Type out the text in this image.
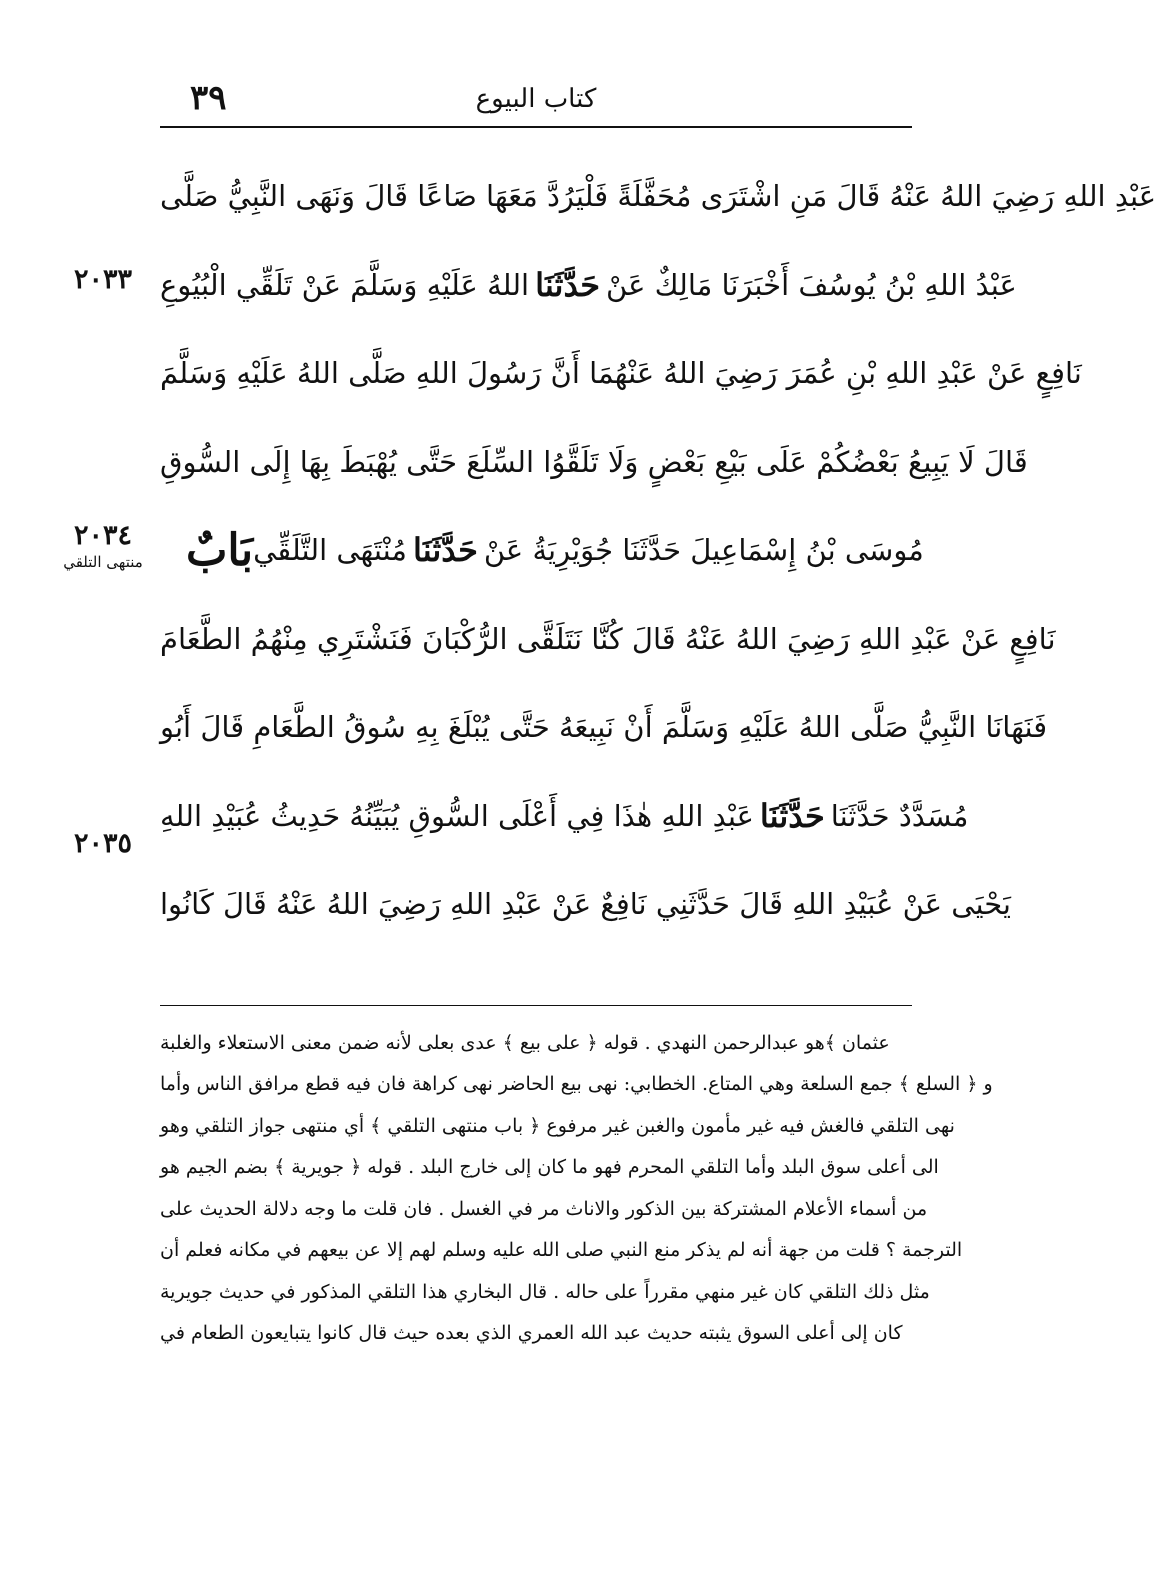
٣٩	كتاب البيوع
٢٠٣٣
٢٠٣٤
منتهى التلقي
٢٠٣٥
عَبْدِ اللهِ رَضِيَ اللهُ عَنْهُ قَالَ مَنِ اشْتَرَى مُحَفَّلَةً فَلْيَرُدَّ مَعَهَا صَاعًا قَالَ وَنَهَى النَّبِيُّ صَلَّى
عَبْدُ اللهِ بْنُ يُوسُفَ أَخْبَرَنَا مَالِكٌ عَنْ
حَدَّثَنَا
اللهُ عَلَيْهِ وَسَلَّمَ عَنْ تَلَقِّي الْبُيُوعِ
نَافِعٍ عَنْ عَبْدِ اللهِ بْنِ عُمَرَ رَضِيَ اللهُ عَنْهُمَا أَنَّ رَسُولَ اللهِ صَلَّى اللهُ عَلَيْهِ وَسَلَّمَ
قَالَ لَا يَبِيعُ بَعْضُكُمْ عَلَى بَيْعِ بَعْضٍ وَلَا تَلَقَّوُا السِّلَعَ حَتَّى يُهْبَطَ بِهَا إِلَى السُّوقِ
مُوسَى بْنُ إِسْمَاعِيلَ حَدَّثَنَا جُوَيْرِيَةُ عَنْ
حَدَّثَنَا
مُنْتَهَى التَّلَقِّي
بَابٌ
نَافِعٍ عَنْ عَبْدِ اللهِ رَضِيَ اللهُ عَنْهُ قَالَ كُنَّا نَتَلَقَّى الرُّكْبَانَ فَنَشْتَرِي مِنْهُمُ الطَّعَامَ
فَنَهَانَا النَّبِيُّ صَلَّى اللهُ عَلَيْهِ وَسَلَّمَ أَنْ نَبِيعَهُ حَتَّى يُبْلَغَ بِهِ سُوقُ الطَّعَامِ قَالَ أَبُو
مُسَدَّدٌ حَدَّثَنَا
حَدَّثَنَا
عَبْدِ اللهِ هٰذَا فِي أَعْلَى السُّوقِ يُبَيِّنُهُ حَدِيثُ عُبَيْدِ اللهِ
يَحْيَى عَنْ عُبَيْدِ اللهِ قَالَ حَدَّثَنِي نَافِعٌ عَنْ عَبْدِ اللهِ رَضِيَ اللهُ عَنْهُ قَالَ كَانُوا
عثمان ﴾هو عبدالرحمن النهدي . قوله ﴿ على بيع ﴾ عدى بعلى لأنه ضمن معنى الاستعلاء والغلبة
و ﴿ السلع ﴾ جمع السلعة وهي المتاع. الخطابي: نهى بيع الحاضر نهى كراهة فان فيه قطع مرافق الناس وأما
نهى التلقي فالغش فيه غير مأمون والغبن غير مرفوع ﴿ باب منتهى التلقي ﴾ أي منتهى جواز التلقي وهو
الى أعلى سوق البلد وأما التلقي المحرم فهو ما كان إلى خارج البلد . قوله ﴿ جويرية ﴾ بضم الجيم هو
من أسماء الأعلام المشتركة بين الذكور والاناث مر في الغسل . فان قلت ما وجه دلالة الحديث على
الترجمة ؟ قلت من جهة أنه لم يذكر منع النبي صلى الله عليه وسلم لهم إلا عن بيعهم في مكانه فعلم أن
مثل ذلك التلقي كان غير منهي مقرراً على حاله . قال البخاري هذا التلقي المذكور في حديث جويرية
كان إلى أعلى السوق يثبته حديث عبد الله العمري الذي بعده حيث قال كانوا يتبايعون الطعام في
